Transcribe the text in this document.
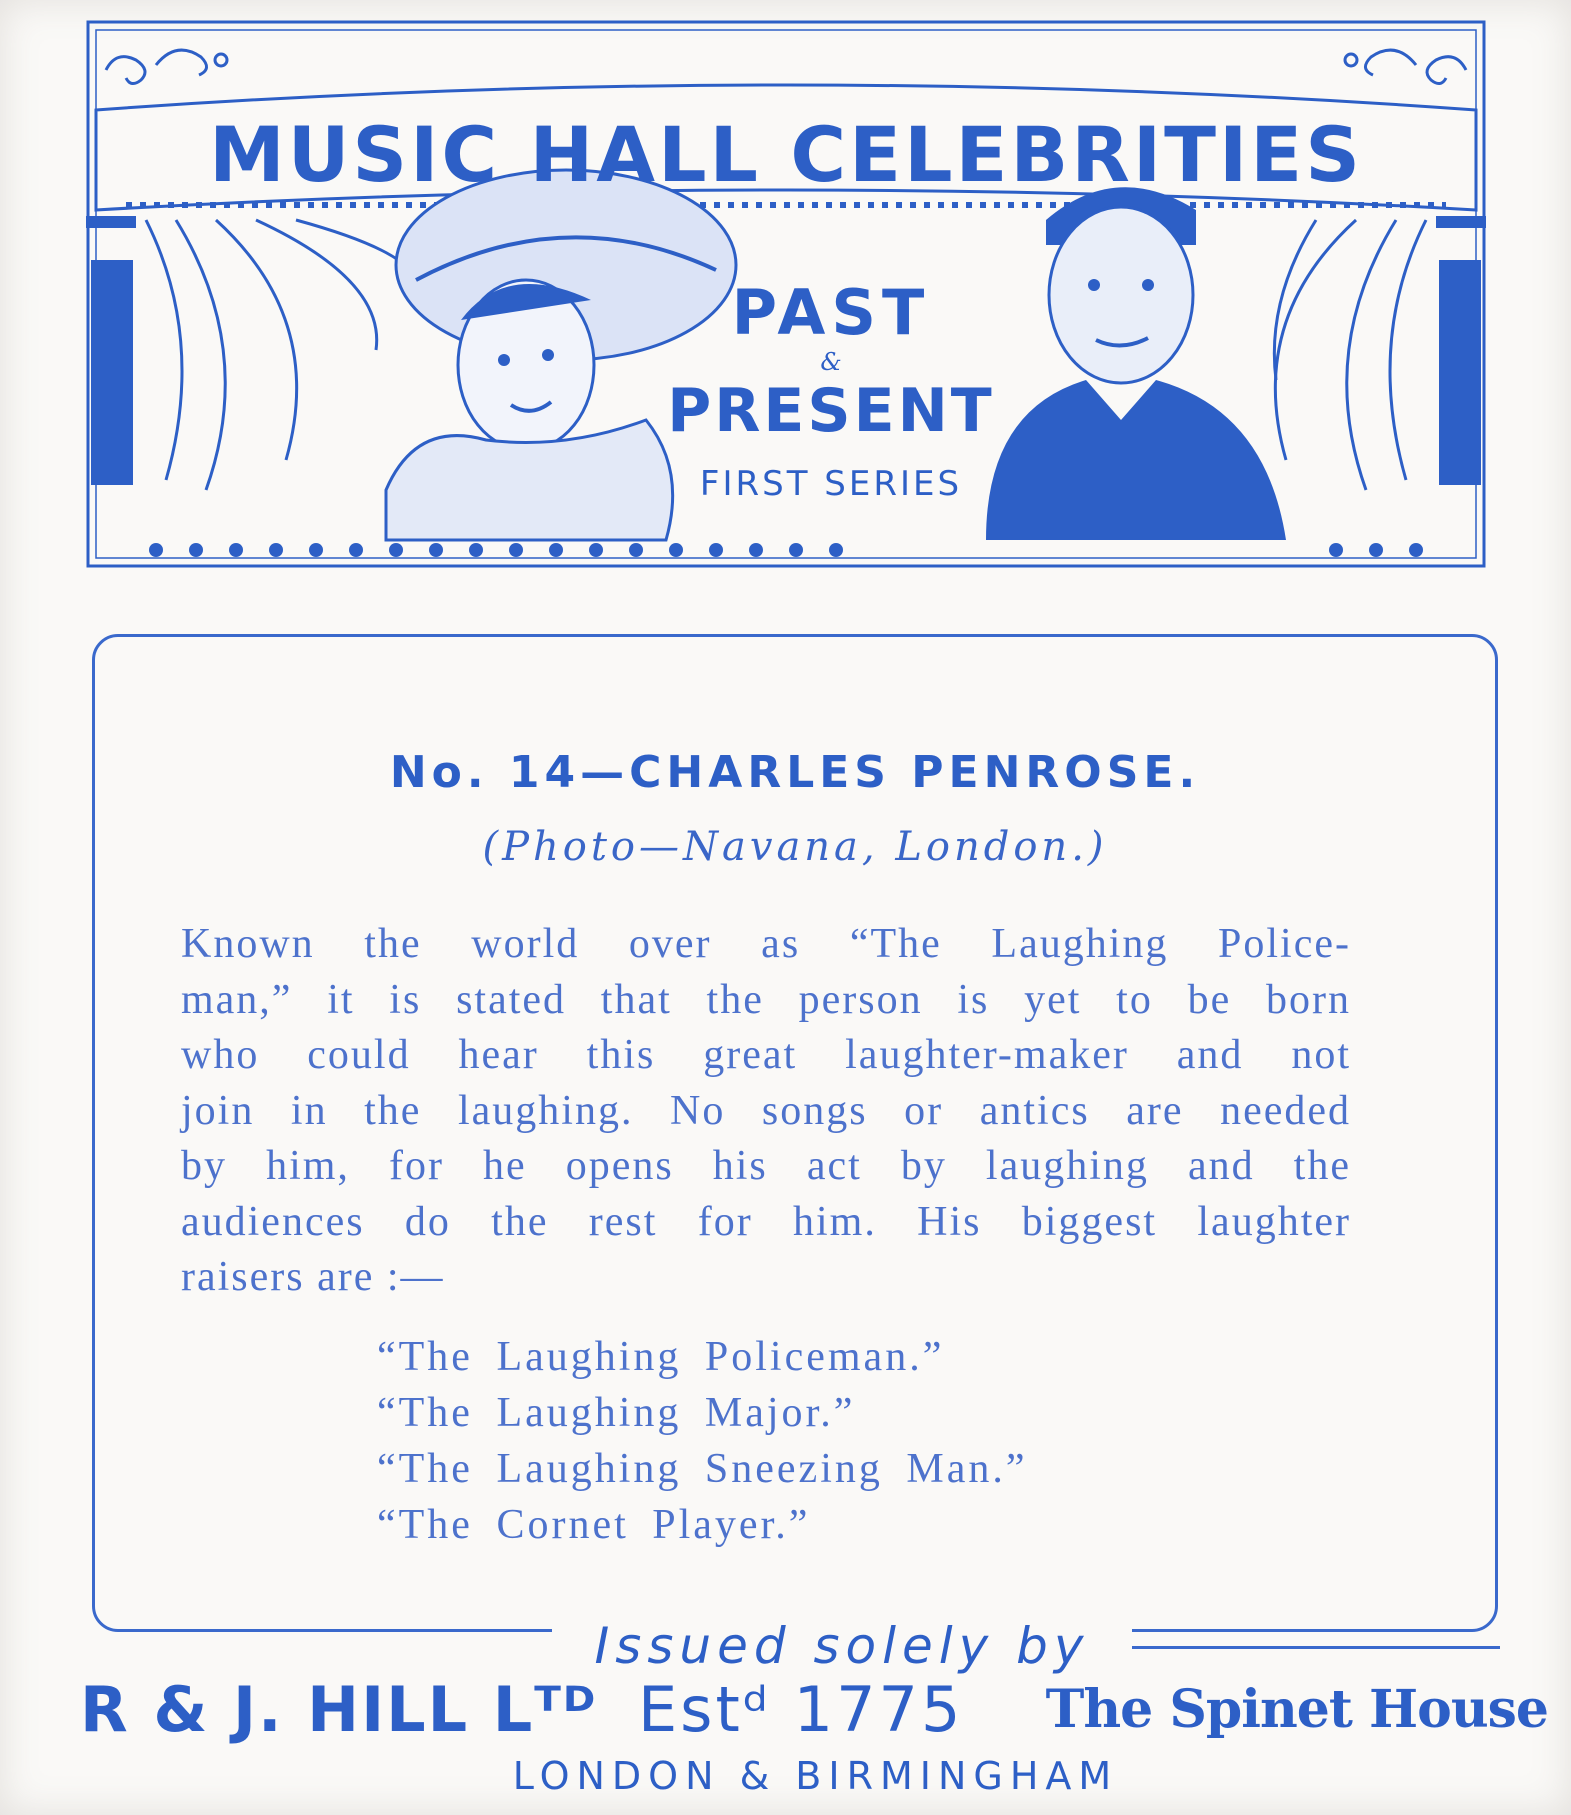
MUSIC HALL CELEBRITIES
PAST
&
PRESENT
FIRST SERIES
No. 14—CHARLES PENROSE.
(Photo—Navana, London.)
Known the world over as “The Laughing Police-
man,” it is stated that the person is yet to be born
who could hear this great laughter-maker and not
join in the laughing. No songs or antics are needed
by him, for he opens his act by laughing and the
audiences do the rest for him. His biggest laughter
raisers are :—
“The Laughing Policeman.”
“The Laughing Major.”
“The Laughing Sneezing Man.”
“The Cornet Player.”
Issued solely by
R & J. HILL Lᵀᴰ Estᵈ 1775	The Spinet House
LONDON & BIRMINGHAM
